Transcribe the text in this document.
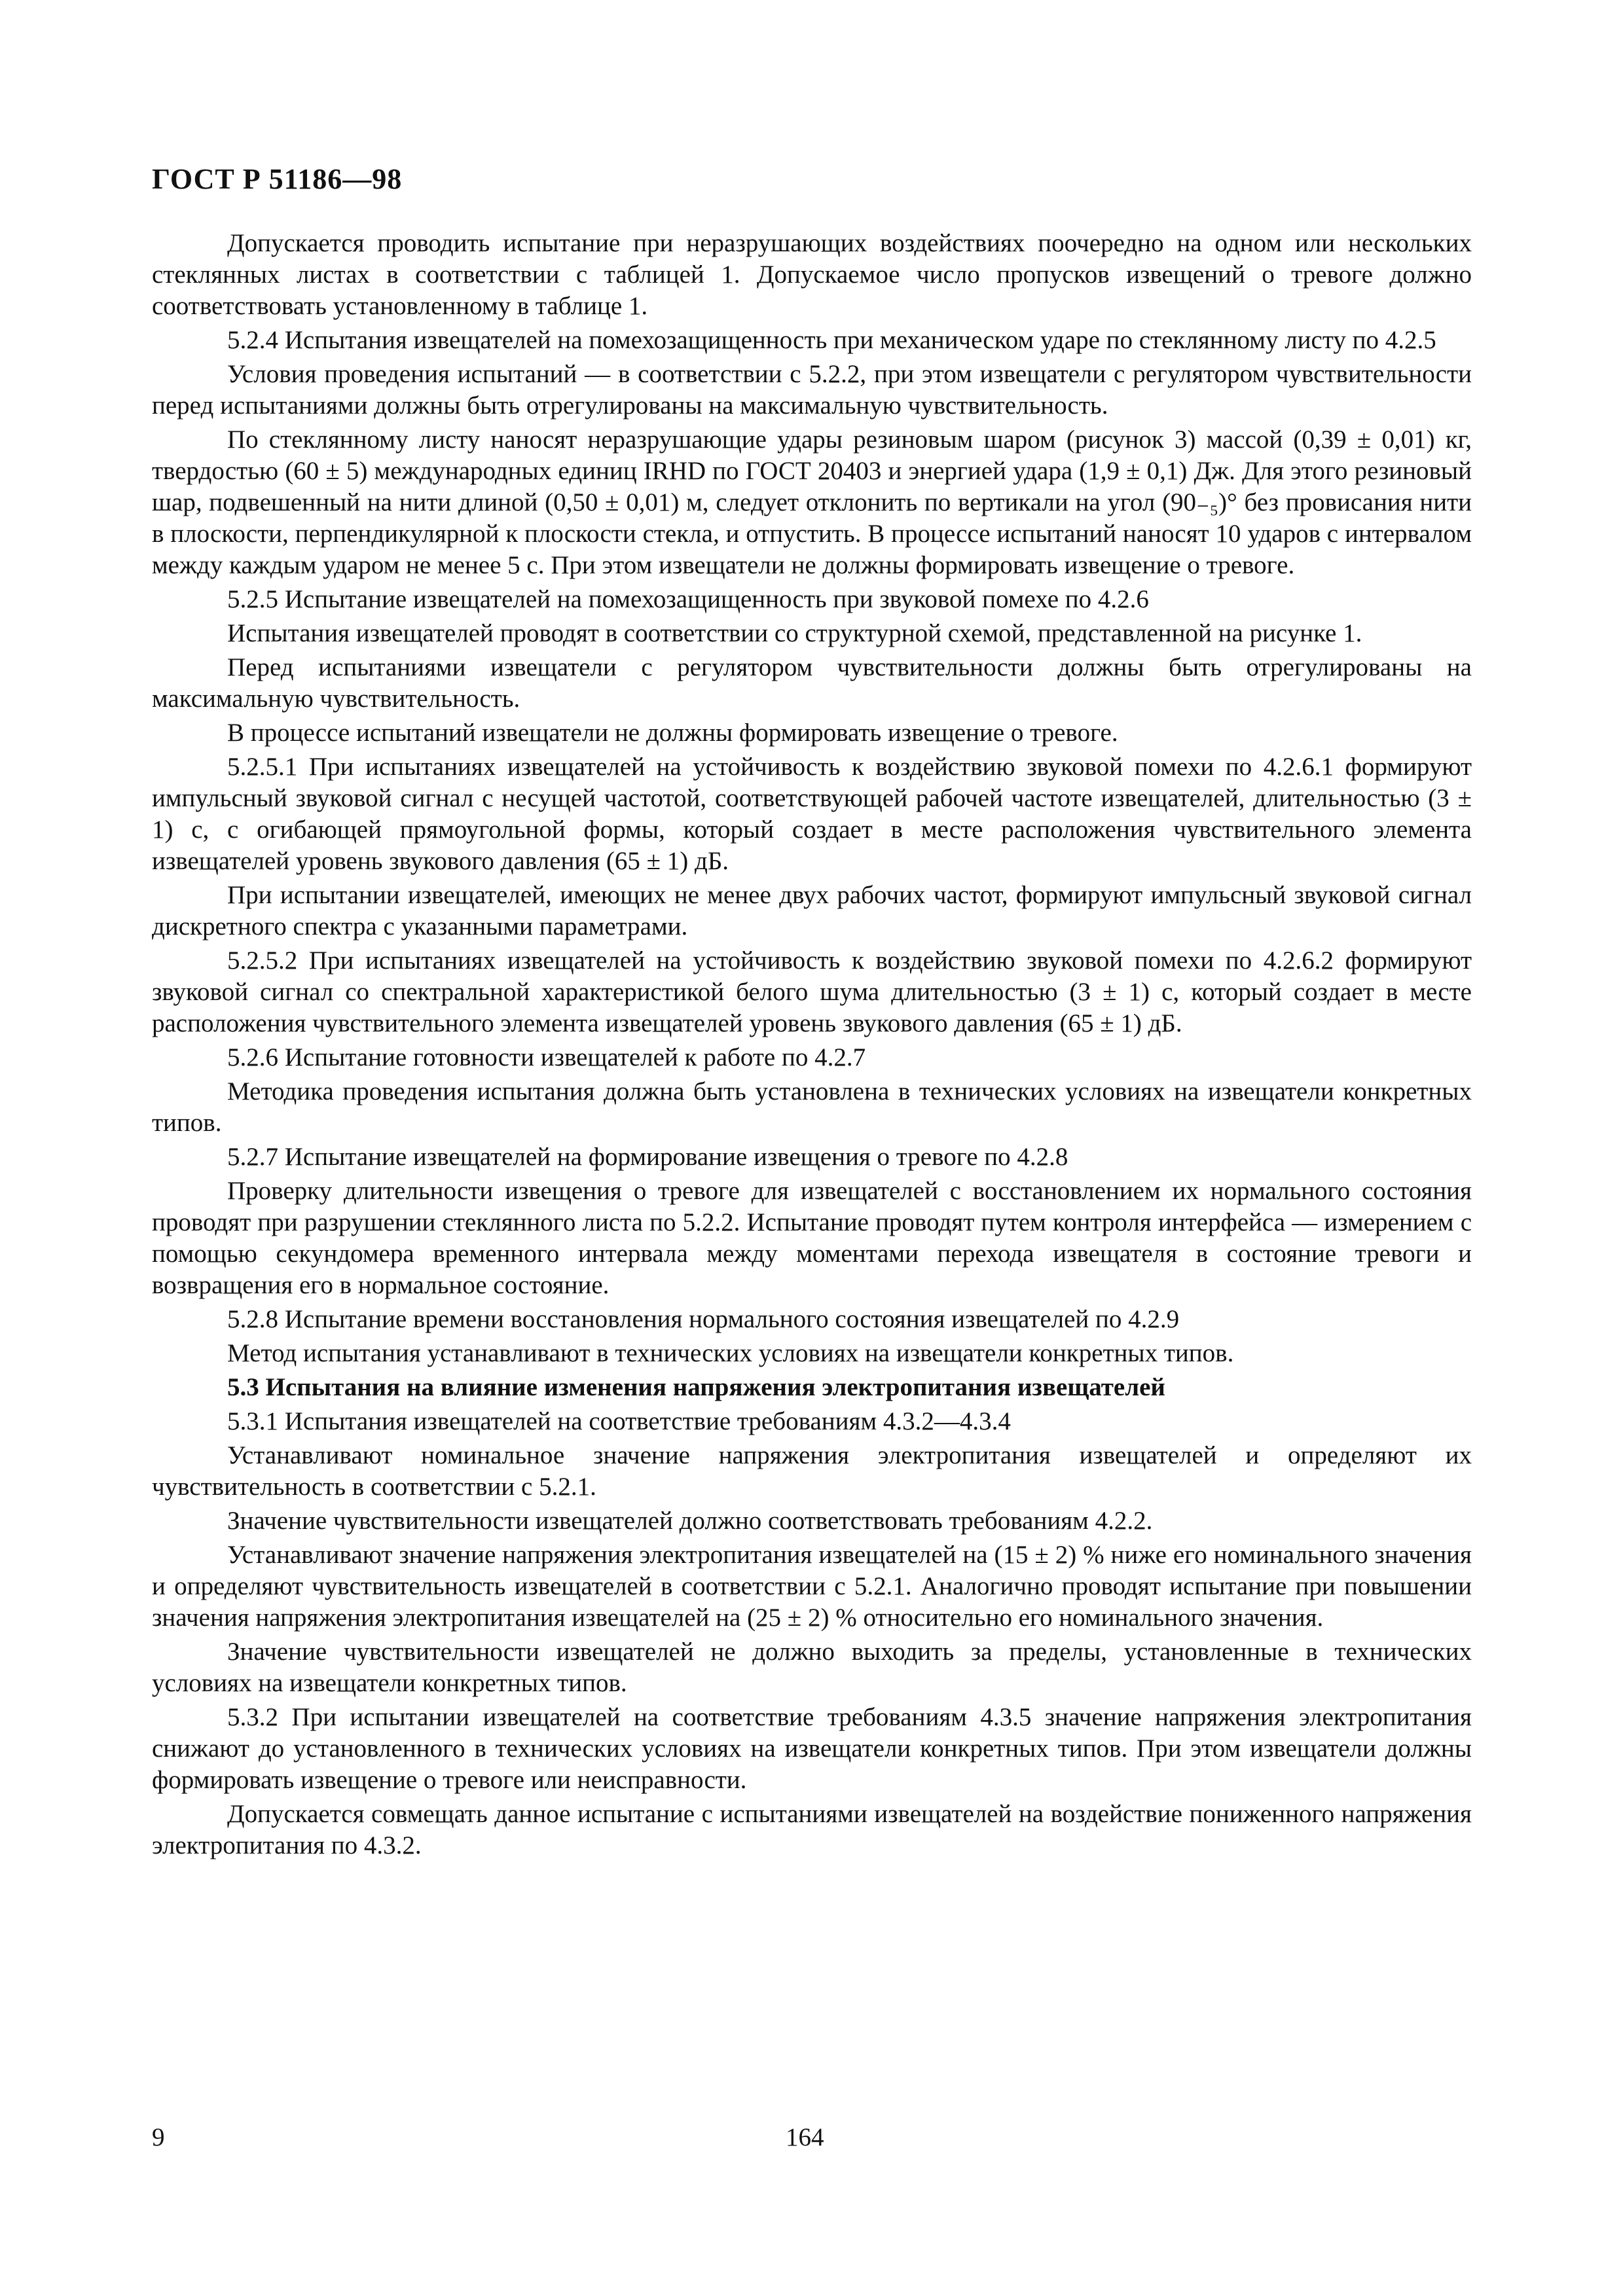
ГОСТ Р 51186—98

Допускается проводить испытание при неразрушающих воздействиях поочередно на одном или нескольких стеклянных листах в соответствии с таблицей 1. Допускаемое число пропусков извещений о тревоге должно соответствовать установленному в таблице 1.

5.2.4 Испытания извещателей на помехозащищенность при механическом ударе по стеклянному листу по 4.2.5

Условия проведения испытаний — в соответствии с 5.2.2, при этом извещатели с регулятором чувствительности перед испытаниями должны быть отрегулированы на максимальную чувствительность.

По стеклянному листу наносят неразрушающие удары резиновым шаром (рисунок 3) массой (0,39 ± 0,01) кг, твердостью (60 ± 5) международных единиц IRHD по ГОСТ 20403 и энергией удара (1,9 ± 0,1) Дж. Для этого резиновый шар, подвешенный на нити длиной (0,50 ± 0,01) м, следует отклонить по вертикали на угол (90₋₅)° без провисания нити в плоскости, перпендикулярной к плоскости стекла, и отпустить. В процессе испытаний наносят 10 ударов с интервалом между каждым ударом не менее 5 с. При этом извещатели не должны формировать извещение о тревоге.

5.2.5 Испытание извещателей на помехозащищенность при звуковой помехе по 4.2.6

Испытания извещателей проводят в соответствии со структурной схемой, представленной на рисунке 1.

Перед испытаниями извещатели с регулятором чувствительности должны быть отрегулированы на максимальную чувствительность.

В процессе испытаний извещатели не должны формировать извещение о тревоге.

5.2.5.1 При испытаниях извещателей на устойчивость к воздействию звуковой помехи по 4.2.6.1 формируют импульсный звуковой сигнал с несущей частотой, соответствующей рабочей частоте извещателей, длительностью (3 ± 1) с, с огибающей прямоугольной формы, который создает в месте расположения чувствительного элемента извещателей уровень звукового давления (65 ± 1) дБ.

При испытании извещателей, имеющих не менее двух рабочих частот, формируют импульсный звуковой сигнал дискретного спектра с указанными параметрами.

5.2.5.2 При испытаниях извещателей на устойчивость к воздействию звуковой помехи по 4.2.6.2 формируют звуковой сигнал со спектральной характеристикой белого шума длительностью (3 ± 1) с, который создает в месте расположения чувствительного элемента извещателей уровень звукового давления (65 ± 1) дБ.

5.2.6 Испытание готовности извещателей к работе по 4.2.7

Методика проведения испытания должна быть установлена в технических условиях на извещатели конкретных типов.

5.2.7 Испытание извещателей на формирование извещения о тревоге по 4.2.8

Проверку длительности извещения о тревоге для извещателей с восстановлением их нормального состояния проводят при разрушении стеклянного листа по 5.2.2. Испытание проводят путем контроля интерфейса — измерением с помощью секундомера временного интервала между моментами перехода извещателя в состояние тревоги и возвращения его в нормальное состояние.

5.2.8 Испытание времени восстановления нормального состояния извещателей по 4.2.9

Метод испытания устанавливают в технических условиях на извещатели конкретных типов.

5.3 Испытания на влияние изменения напряжения электропитания извещателей

5.3.1 Испытания извещателей на соответствие требованиям 4.3.2—4.3.4

Устанавливают номинальное значение напряжения электропитания извещателей и определяют их чувствительность в соответствии с 5.2.1.

Значение чувствительности извещателей должно соответствовать требованиям 4.2.2.

Устанавливают значение напряжения электропитания извещателей на (15 ± 2) % ниже его номинального значения и определяют чувствительность извещателей в соответствии с 5.2.1. Аналогично проводят испытание при повышении значения напряжения электропитания извещателей на (25 ± 2) % относительно его номинального значения.

Значение чувствительности извещателей не должно выходить за пределы, установленные в технических условиях на извещатели конкретных типов.

5.3.2 При испытании извещателей на соответствие требованиям 4.3.5 значение напряжения электропитания снижают до установленного в технических условиях на извещатели конкретных типов. При этом извещатели должны формировать извещение о тревоге или неисправности.

Допускается совмещать данное испытание с испытаниями извещателей на воздействие пониженного напряжения электропитания по 4.3.2.

9	164
